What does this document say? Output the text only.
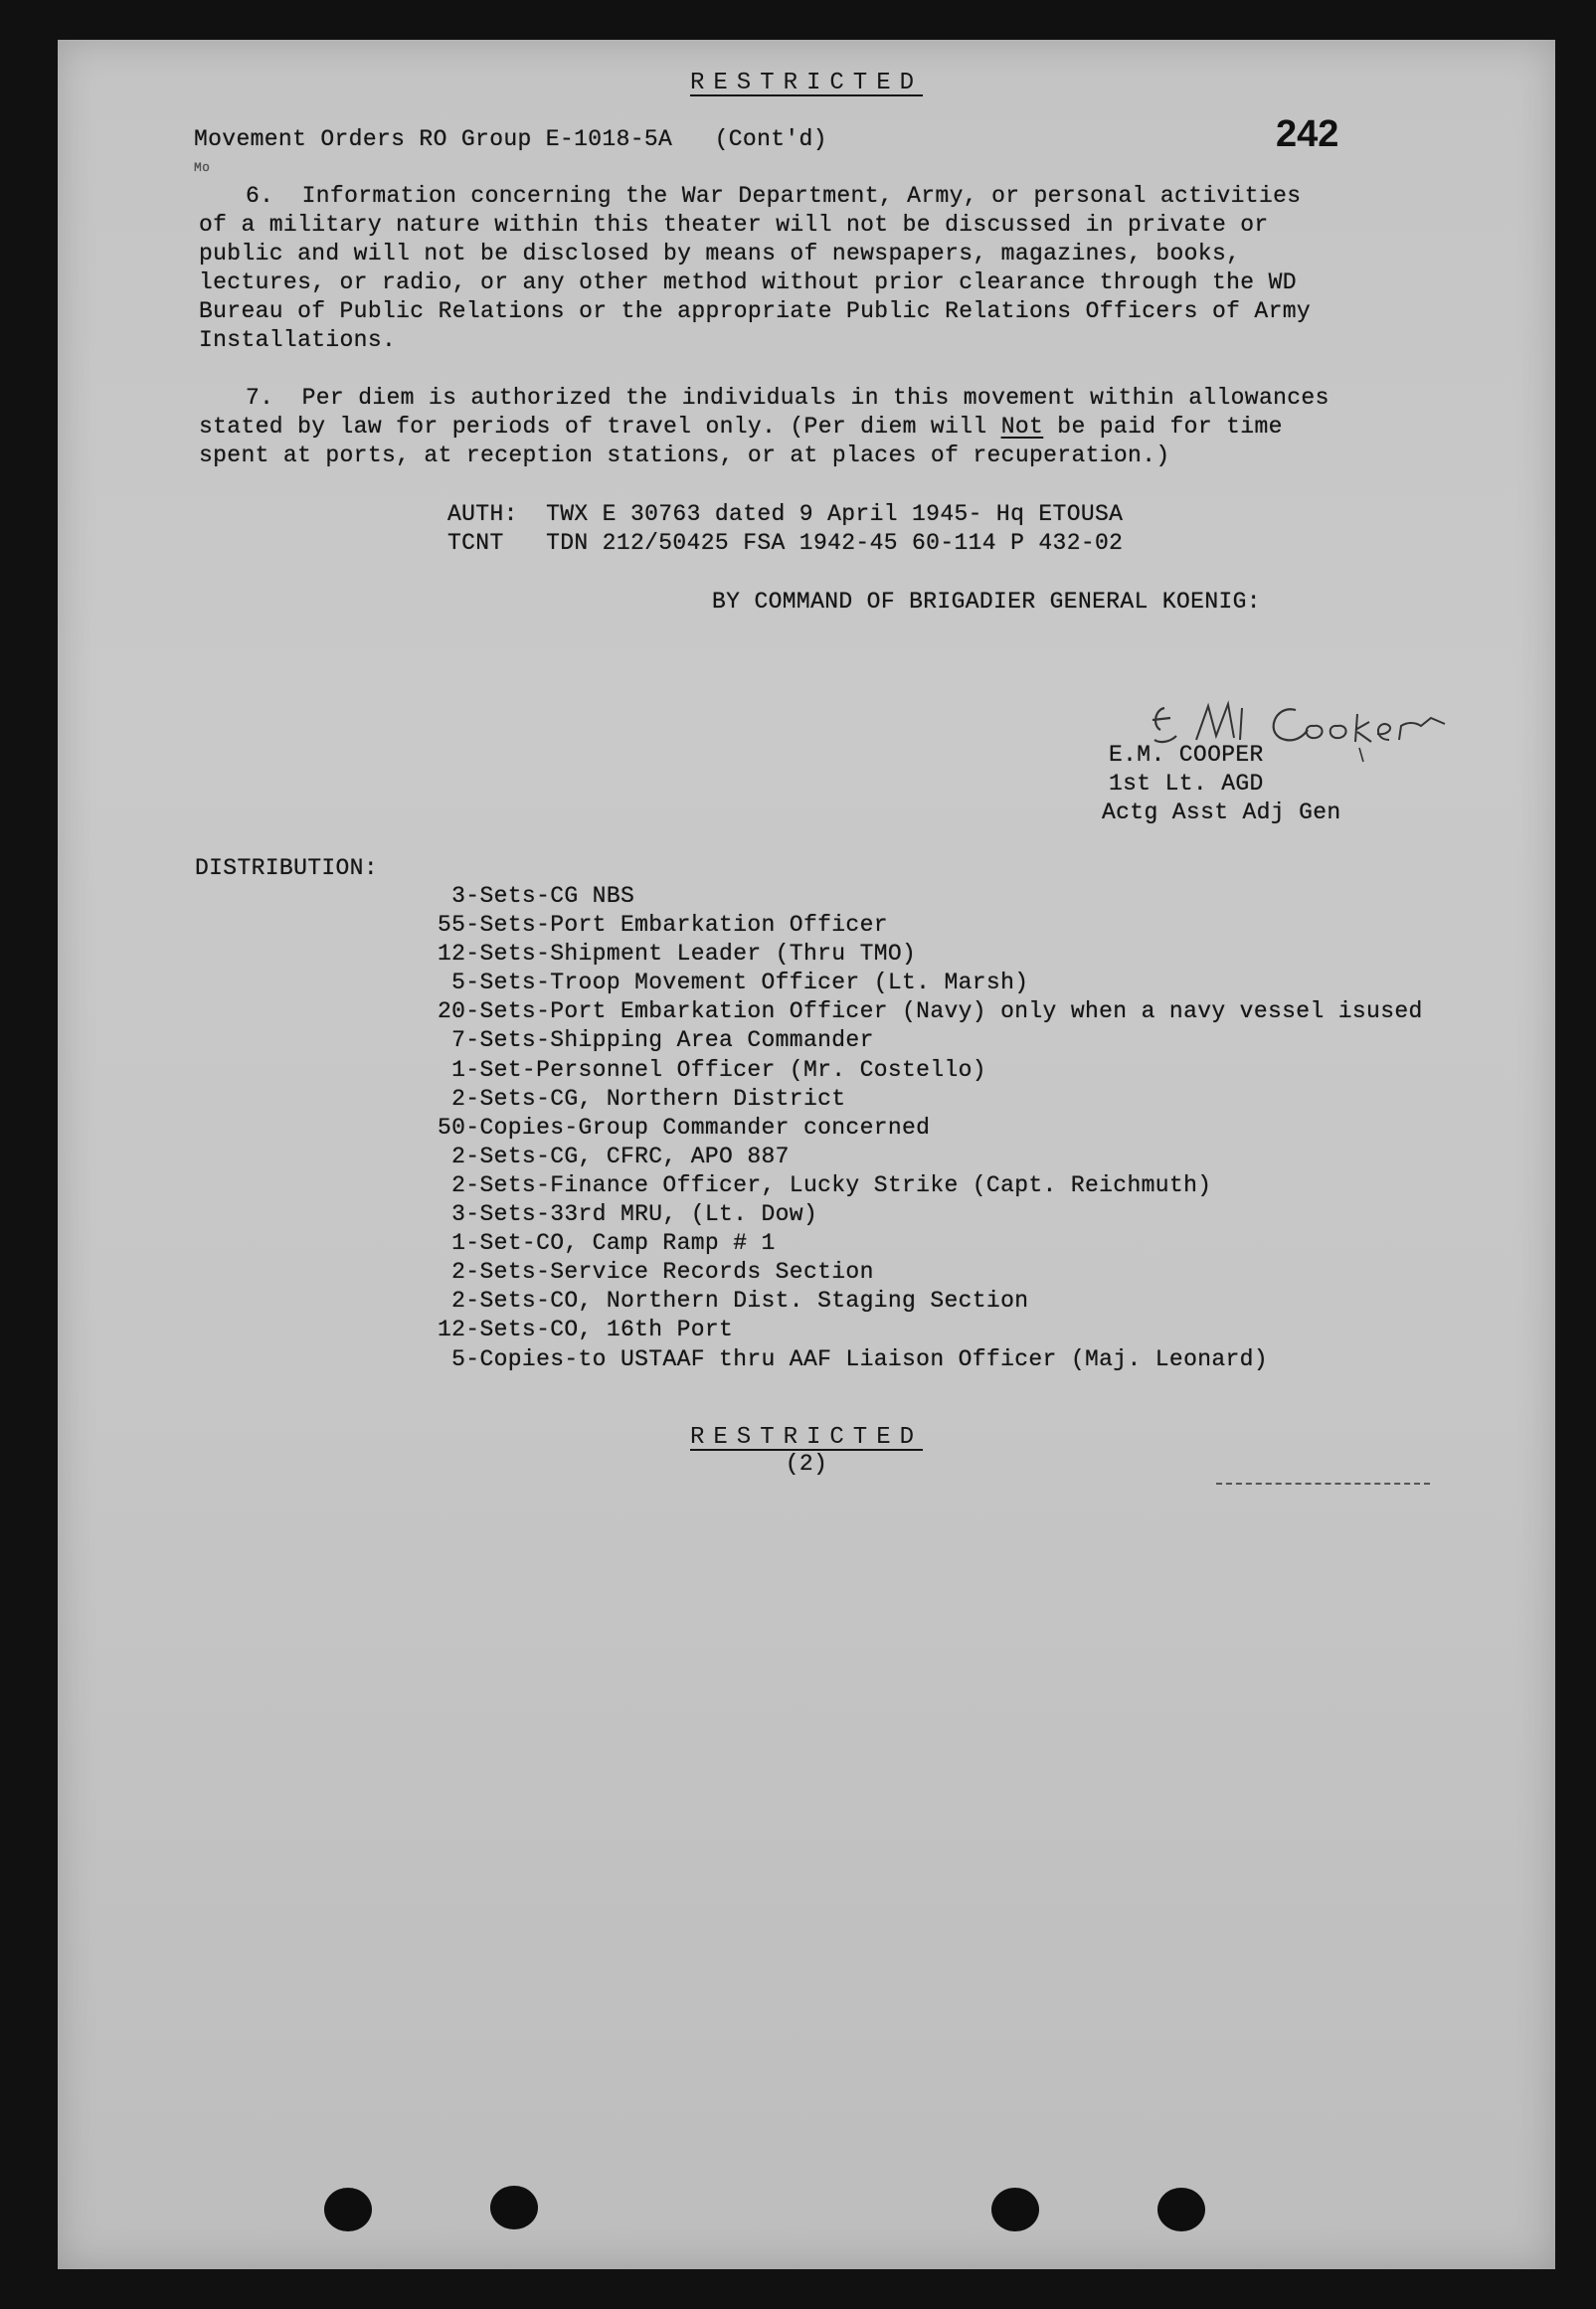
RESTRICTED
Movement Orders RO Group E-1018-5A   (Cont'd)
Mo
242
6.  Information concerning the War Department, Army, or personal activities
of a military nature within this theater will not be discussed in private or
public and will not be disclosed by means of newspapers, magazines, books,
lectures, or radio, or any other method without prior clearance through the WD
Bureau of Public Relations or the appropriate Public Relations Officers of Army
Installations.
7.  Per diem is authorized the individuals in this movement within allowances
stated by law for periods of travel only. (Per diem will Not be paid for time
spent at ports, at reception stations, or at places of recuperation.)
AUTH:  TWX E 30763 dated 9 April 1945- Hq ETOUSA
TCNT   TDN 212/50425 FSA 1942-45 60-114 P 432-02
BY COMMAND OF BRIGADIER GENERAL KOENIG:
E.M. COOPER
1st Lt. AGD
Actg Asst Adj Gen
DISTRIBUTION:
3-Sets-CG NBS
55-Sets-Port Embarkation Officer
12-Sets-Shipment Leader (Thru TMO)
5-Sets-Troop Movement Officer (Lt. Marsh)
20-Sets-Port Embarkation Officer (Navy) only when a navy vessel isused
7-Sets-Shipping Area Commander
1-Set-Personnel Officer (Mr. Costello)
2-Sets-CG, Northern District
50-Copies-Group Commander concerned
2-Sets-CG, CFRC, APO 887
2-Sets-Finance Officer, Lucky Strike (Capt. Reichmuth)
3-Sets-33rd MRU, (Lt. Dow)
1-Set-CO, Camp Ramp # 1
2-Sets-Service Records Section
2-Sets-CO, Northern Dist. Staging Section
12-Sets-CO, 16th Port
5-Copies-to USTAAF thru AAF Liaison Officer (Maj. Leonard)
RESTRICTED
(2)
